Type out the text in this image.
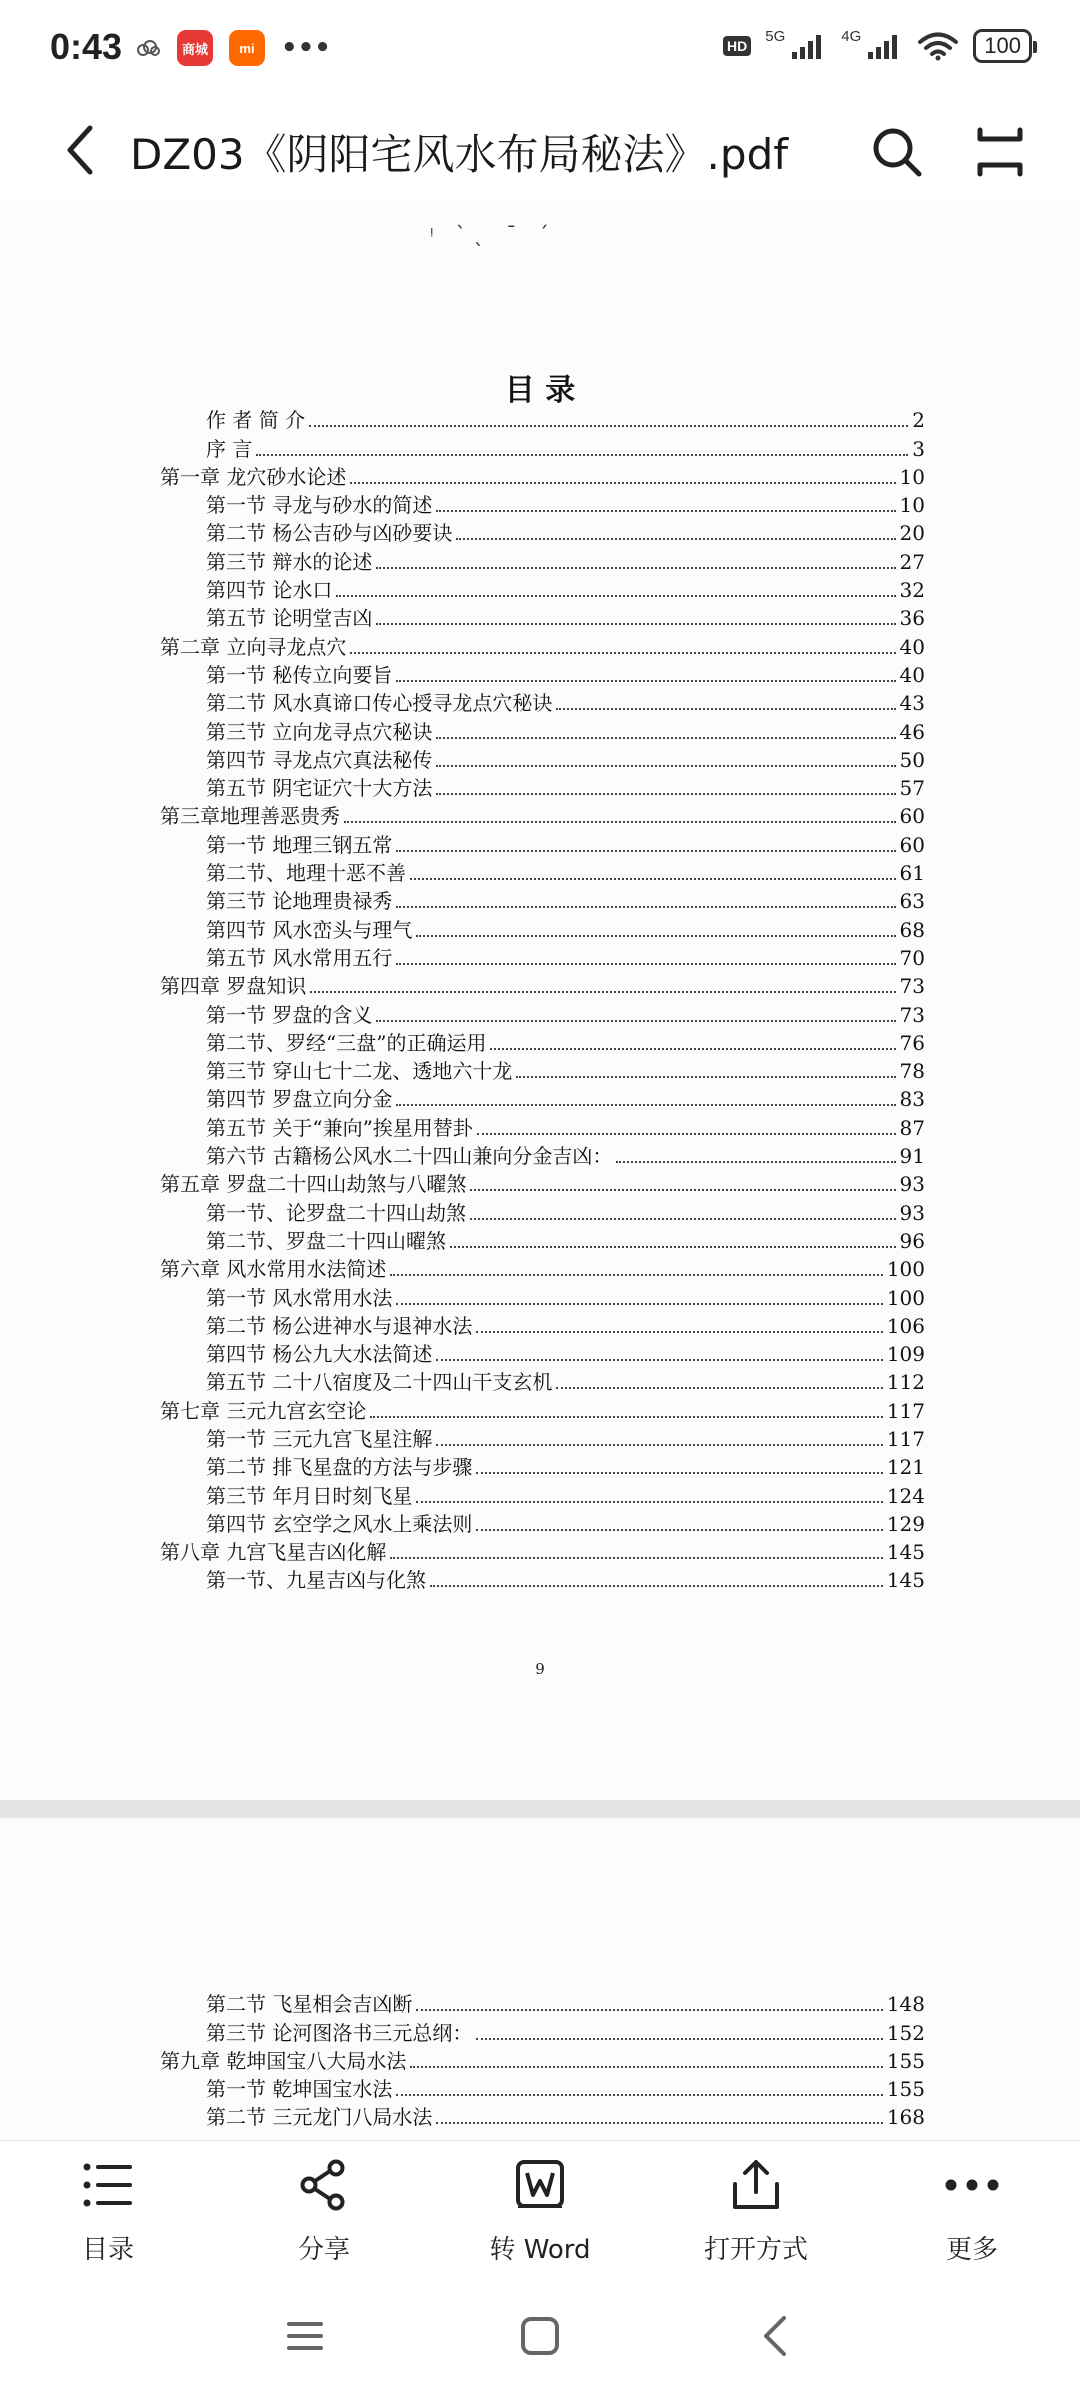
0:43	商城	mi	•••	HD
5G	4G	100
DZ03《阴阳宅风水布局秘法》.pdf
ᵎ ˋˎ ˉ ˊ
目 录
作 者 简 介	2
序 言	3
第一章 龙穴砂水论述	10
第一节 寻龙与砂水的简述	10
第二节 杨公吉砂与凶砂要诀	20
第三节 辩水的论述	27
第四节 论水口	32
第五节 论明堂吉凶	36
第二章 立向寻龙点穴	40
第一节 秘传立向要旨	40
第二节 风水真谛口传心授寻龙点穴秘诀	43
第三节 立向龙寻点穴秘诀	46
第四节 寻龙点穴真法秘传	50
第五节 阴宅证穴十大方法	57
第三章地理善恶贵秀	60
第一节 地理三钢五常	60
第二节、地理十恶不善	61
第三节 论地理贵禄秀	63
第四节 风水峦头与理气	68
第五节 风水常用五行	70
第四章 罗盘知识	73
第一节 罗盘的含义	73
第二节、罗经“三盘”的正确运用	76
第三节 穿山七十二龙、透地六十龙	78
第四节 罗盘立向分金	83
第五节 关于“兼向”挨星用替卦	87
第六节 古籍杨公风水二十四山兼向分金吉凶：	91
第五章 罗盘二十四山劫煞与八曜煞	93
第一节、论罗盘二十四山劫煞	93
第二节、罗盘二十四山曜煞	96
第六章 风水常用水法简述	100
第一节 风水常用水法	100
第二节 杨公进神水与退神水法	106
第四节 杨公九大水法简述	109
第五节 二十八宿度及二十四山干支玄机	112
第七章 三元九宫玄空论	117
第一节 三元九宫飞星注解	117
第二节 排飞星盘的方法与步骤	121
第三节 年月日时刻飞星	124
第四节 玄空学之风水上乘法则	129
第八章 九宫飞星吉凶化解	145
第一节、九星吉凶与化煞	145
9
第二节 飞星相会吉凶断	148
第三节 论河图洛书三元总纲：	152
第九章 乾坤国宝八大局水法	155
第一节 乾坤国宝水法	155
第二节 三元龙门八局水法	168
目录	分享	转 Word	打开方式	更多
